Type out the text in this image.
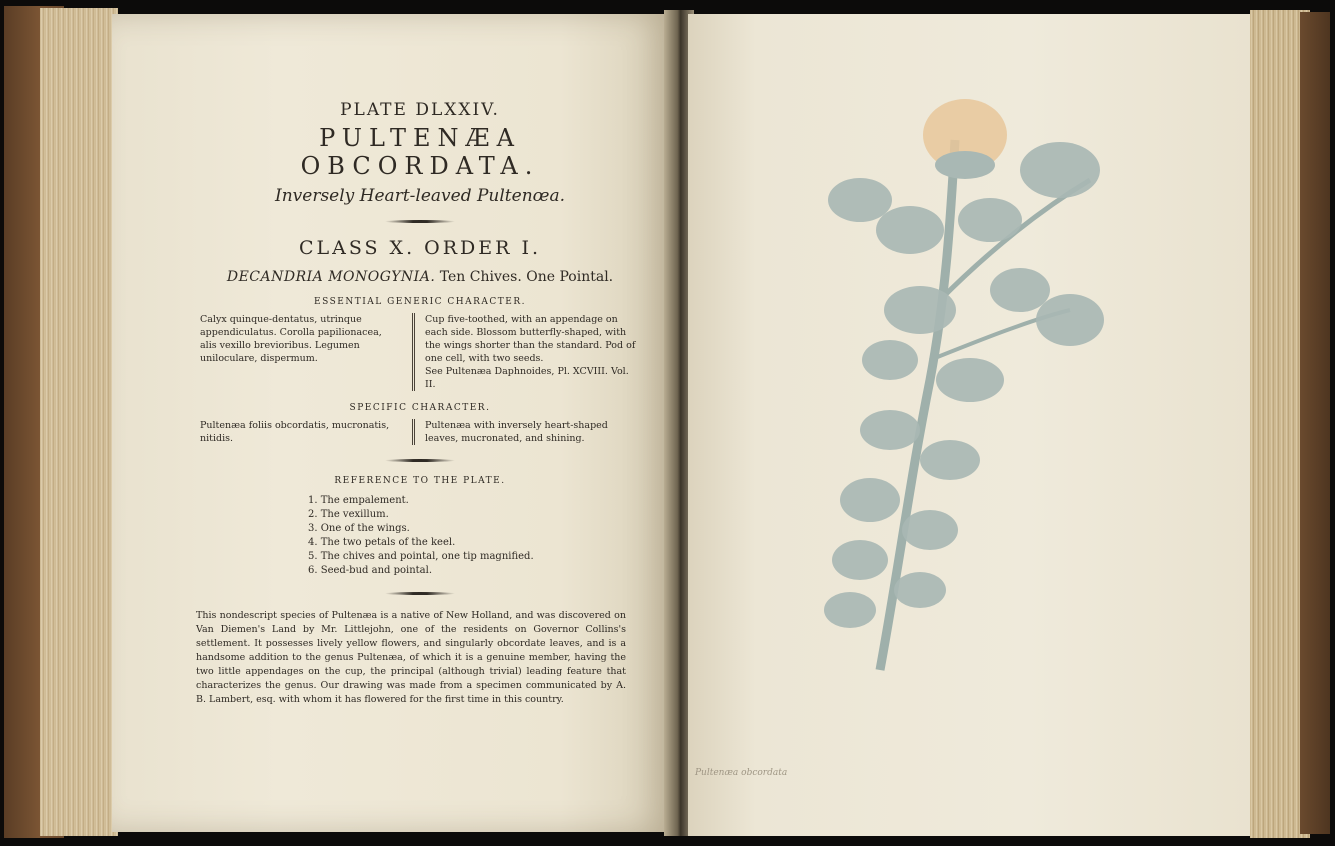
PLATE DLXXIV.
PULTENÆA OBCORDATA.
Inversely Heart-leaved Pultenœa.
CLASS X. ORDER I.
DECANDRIA MONOGYNIA. Ten Chives. One Pointal.
ESSENTIAL GENERIC CHARACTER.
Calyx quinque-dentatus, utrinque appendiculatus. Corolla papilionacea, alis vexillo brevioribus. Legumen uniloculare, dispermum.
Cup five-toothed, with an appendage on each side. Blossom butterfly-shaped, with the wings shorter than the standard. Pod of one cell, with two seeds.
See Pultenæa Daphnoides, Pl. XCVIII. Vol. II.
SPECIFIC CHARACTER.
Pultenæa foliis obcordatis, mucronatis, nitidis.
Pultenæa with inversely heart-shaped leaves, mucronated, and shining.
REFERENCE TO THE PLATE.
1. The empalement.
2. The vexillum.
3. One of the wings.
4. The two petals of the keel.
5. The chives and pointal, one tip magnified.
6. Seed-bud and pointal.
This nondescript species of Pultenæa is a native of New Holland, and was discovered on Van Diemen's Land by Mr. Littlejohn, one of the residents on Governor Collins's settlement. It possesses lively yellow flowers, and singularly obcordate leaves, and is a handsome addition to the genus Pultenæa, of which it is a genuine member, having the two little appendages on the cup, the principal (although trivial) leading feature that characterizes the genus. Our drawing was made from a specimen communicated by A. B. Lambert, esq. with whom it has flowered for the first time in this country.
Pultenæa obcordata
